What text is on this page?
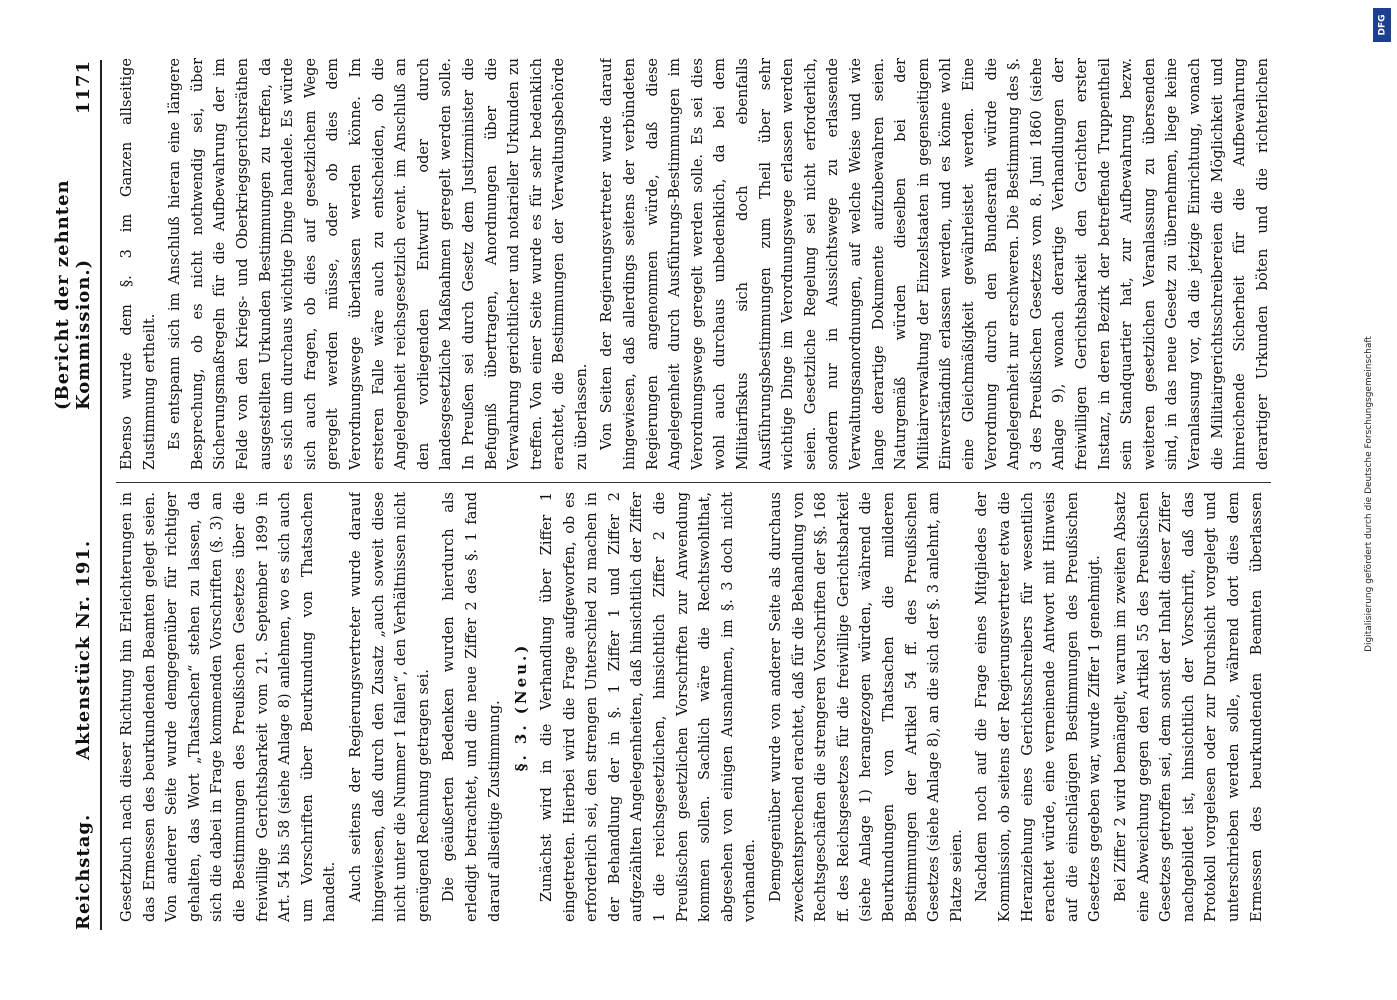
Reichstag.
Aktenstück Nr. 191.
(Bericht der zehnten Kommission.)
1171

Gesetzbuch nach dieser Richtung hin Erleichterungen in das Ermessen des beurkundenden Beamten gelegt seien. Von anderer Seite wurde demgegenüber für richtiger gehalten, das Wort „Thatsachen“ stehen zu lassen, da sich die dabei in Frage kommenden Vorschriften (§. 3) an die Bestimmungen des Preußischen Gesetzes über die freiwillige Gerichtsbarkeit vom 21. September 1899 in Art. 54 bis 58 (siehe Anlage 8) anlehnen, wo es sich auch um Vorschriften über Beurkundung von Thatsachen handelt. Auch seitens der Regierungsvertreter wurde darauf hingewiesen, daß durch den Zusatz „auch soweit diese nicht unter die Nummer 1 fallen“, den Verhältnissen nicht genügend Rechnung getragen sei. Die geäußerten Bedenken wurden hierdurch als erledigt betrachtet, und die neue Ziffer 2 des §. 1 fand darauf allseitige Zustimmung. §. 3. (Neu.) Zunächst wird in die Verhandlung über Ziffer 1 eingetreten. Hierbei wird die Frage aufgeworfen, ob es erforderlich sei, den strengen Unterschied zu machen in der Behandlung der in §. 1 Ziffer 1 und Ziffer 2 aufgezählten Angelegenheiten, daß hinsichtlich der Ziffer 1 die reichsgesetzlichen, hinsichtlich Ziffer 2 die Preußischen gesetzlichen Vorschriften zur Anwendung kommen sollen. Sachlich wäre die Rechtswohlthat, abgesehen von einigen Ausnahmen, im §. 3 doch nicht vorhanden. Demgegenüber wurde von anderer Seite als durchaus zweckentsprechend erachtet, daß für die Behandlung von Rechtsgeschäften die strengeren Vorschriften der §§. 168 ff. des Reichsgesetzes für die freiwillige Gerichtsbarkeit (siehe Anlage 1) herangezogen würden, während die Beurkundungen von Thatsachen die milderen Bestimmungen der Artikel 54 ff. des Preußischen Gesetzes (siehe Anlage 8), an die sich der §. 3 anlehnt, am Platze seien. Nachdem noch auf die Frage eines Mitgliedes der Kommission, ob seitens der Regierungsvertreter etwa die Heranziehung eines Gerichtsschreibers für wesentlich erachtet würde, eine verneinende Antwort mit Hinweis auf die einschlägigen Bestimmungen des Preußischen Gesetzes gegeben war, wurde Ziffer 1 genehmigt. Bei Ziffer 2 wird bemängelt, warum im zweiten Absatz eine Abweichung gegen den Artikel 55 des Preußischen Gesetzes getroffen sei, dem sonst der Inhalt dieser Ziffer nachgebildet ist, hinsichtlich der Vorschrift, daß das Protokoll vorgelesen oder zur Durchsicht vorgelegt und unterschrieben werden solle, während dort dies dem Ermessen des beurkundenden Beamten überlassen

Ebenso wurde dem §. 3 im Ganzen allseitige Zustimmung ertheilt. Es entspann sich im Anschluß hieran eine längere Besprechung, ob es nicht nothwendig sei, über Sicherungsmaßregeln für die Aufbewahrung der im Felde von den Kriegs- und Oberkriegsgerichtsräthen ausgestellten Urkunden Bestimmungen zu treffen, da es sich um durchaus wichtige Dinge handele. Es würde sich auch fragen, ob dies auf gesetzlichem Wege geregelt werden müsse, oder ob dies dem Verordnungswege überlassen werden könne. Im ersteren Falle wäre auch zu entscheiden, ob die Angelegenheit reichsgesetzlich event. im Anschluß an den vorliegenden Entwurf oder durch landesgesetzliche Maßnahmen geregelt werden solle. In Preußen sei durch Gesetz dem Justizminister die Befugniß übertragen, Anordnungen über die Verwahrung gerichtlicher und notarieller Urkunden zu treffen. Von einer Seite wurde es für sehr bedenklich erachtet, die Bestimmungen der Verwaltungsbehörde zu überlassen. Von Seiten der Regierungsvertreter wurde darauf hingewiesen, daß allerdings seitens der verbündeten Regierungen angenommen würde, daß diese Angelegenheit durch Ausführungs-Bestimmungen im Verordnungswege geregelt werden solle. Es sei dies wohl auch durchaus unbedenklich, da bei dem Militairfiskus sich doch ebenfalls Ausführungsbestimmungen zum Theil über sehr wichtige Dinge im Verordnungswege erlassen werden seien. Gesetzliche Regelung sei nicht erforderlich, sondern nur in Aussichtswege zu erlassende Verwaltungsanordnungen, auf welche Weise und wie lange derartige Dokumente aufzubewahren seien. Naturgemäß würden dieselben bei der Militairverwaltung der Einzelstaaten in gegenseitigem Einverständniß erlassen werden, und es könne wohl eine Gleichmäßigkeit gewährleistet werden. Eine Verordnung durch den Bundesrath würde die Angelegenheit nur erschweren. Die Bestimmung des §. 3 des Preußischen Gesetzes vom 8. Juni 1860 (siehe Anlage 9), wonach derartige Verhandlungen der freiwilligen Gerichtsbarkeit den Gerichten erster Instanz, in deren Bezirk der betreffende Truppentheil sein Standquartier hat, zur Aufbewahrung bezw. weiteren gesetzlichen Veranlassung zu übersenden sind, in das neue Gesetz zu übernehmen, liege keine Veranlassung vor, da die jetzige Einrichtung, wonach die Militairgerichtsschreibereien die Möglichkeit und hinreichende Sicherheit für die Aufbewahrung derartiger Urkunden böten und die richterlichen

DFG
Digitalisierung gefördert durch die Deutsche Forschungsgemeinschaft
